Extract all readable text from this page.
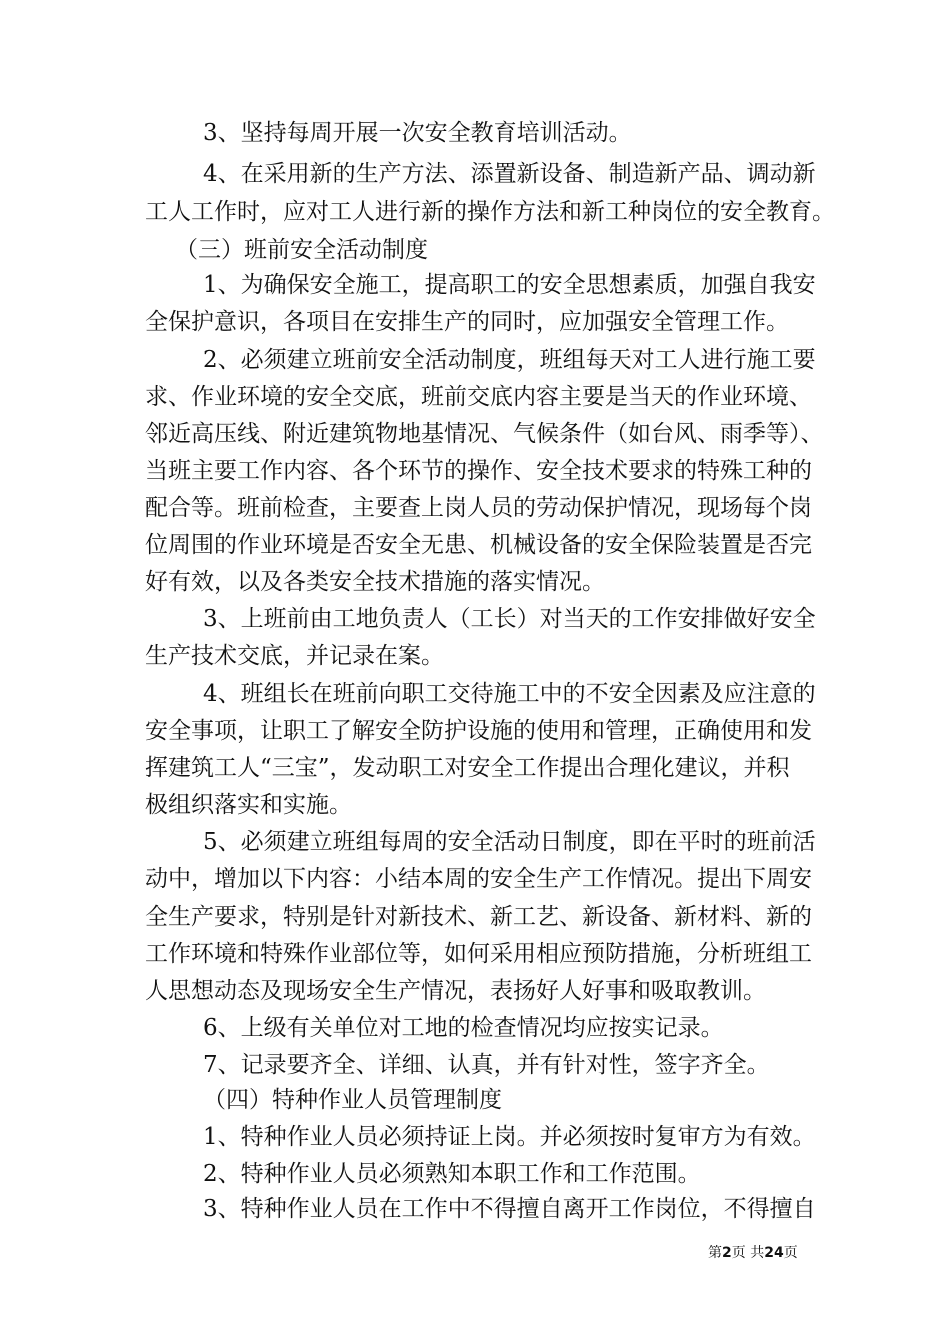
3、坚持每周开展一次安全教育培训活动。
4、在采用新的生产方法、添置新设备、制造新产品、调动新
工人工作时，应对工人进行新的操作方法和新工种岗位的安全教育。
（三）班前安全活动制度
1、为确保安全施工，提高职工的安全思想素质，加强自我安
全保护意识，各项目在安排生产的同时，应加强安全管理工作。
2、必须建立班前安全活动制度，班组每天对工人进行施工要
求、作业环境的安全交底，班前交底内容主要是当天的作业环境、
邻近高压线、附近建筑物地基情况、气候条件（如台风、雨季等）、
当班主要工作内容、各个环节的操作、安全技术要求的特殊工种的
配合等。班前检查，主要查上岗人员的劳动保护情况，现场每个岗
位周围的作业环境是否安全无患、机械设备的安全保险装置是否完
好有效，以及各类安全技术措施的落实情况。
3、上班前由工地负责人（工长）对当天的工作安排做好安全
生产技术交底，并记录在案。
4、班组长在班前向职工交待施工中的不安全因素及应注意的
安全事项，让职工了解安全防护设施的使用和管理，正确使用和发
挥建筑工人“三宝”，发动职工对安全工作提出合理化建议，并积
极组织落实和实施。
5、必须建立班组每周的安全活动日制度，即在平时的班前活
动中，增加以下内容：小结本周的安全生产工作情况。提出下周安
全生产要求，特别是针对新技术、新工艺、新设备、新材料、新的
工作环境和特殊作业部位等，如何采用相应预防措施，分析班组工
人思想动态及现场安全生产情况，表扬好人好事和吸取教训。
6、上级有关单位对工地的检查情况均应按实记录。
7、记录要齐全、详细、认真，并有针对性，签字齐全。
（四）特种作业人员管理制度
1、特种作业人员必须持证上岗。并必须按时复审方为有效。
2、特种作业人员必须熟知本职工作和工作范围。
3、特种作业人员在工作中不得擅自离开工作岗位，不得擅自
第2页 共24页
